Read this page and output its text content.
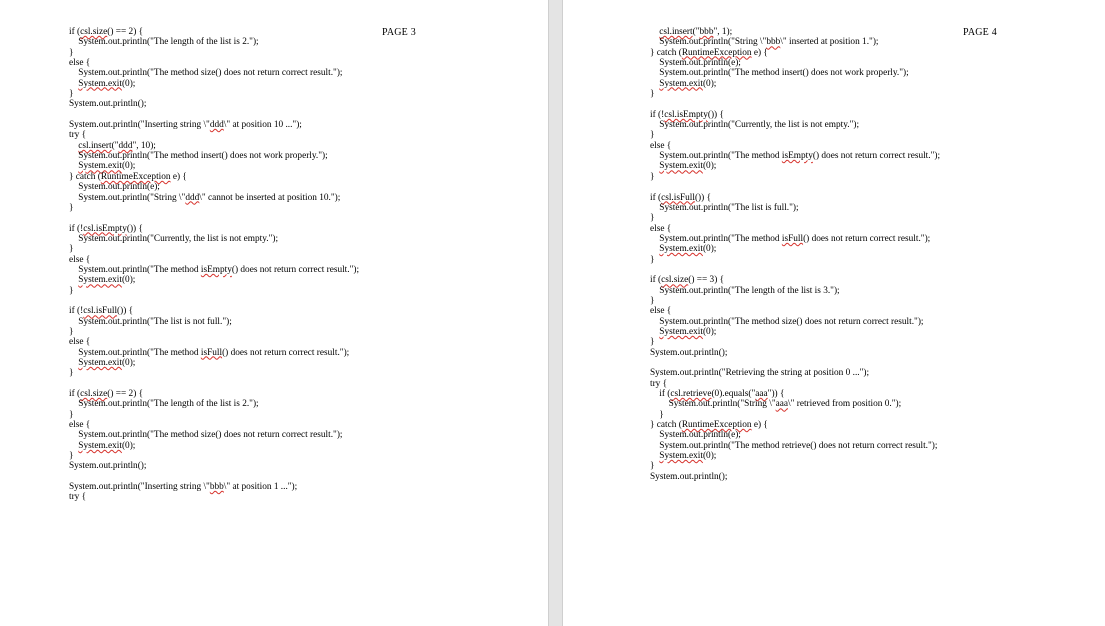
PAGE 3
if (csl.size() == 2) {
System.out.println("The length of the list is 2.");
}
else {
System.out.println("The method size() does not return correct result.");
System.exit(0);
}
System.out.println();

System.out.println("Inserting string \"ddd\" at position 10 ...");
try {
csl.insert("ddd", 10);
System.out.println("The method insert() does not work properly.");
System.exit(0);
} catch (RuntimeException e) {
System.out.println(e);
System.out.println("String \"ddd\" cannot be inserted at position 10.");
}

if (!csl.isEmpty()) {
System.out.println("Currently, the list is not empty.");
}
else {
System.out.println("The method isEmpty() does not return correct result.");
System.exit(0);
}

if (!csl.isFull()) {
System.out.println("The list is not full.");
}
else {
System.out.println("The method isFull() does not return correct result.");
System.exit(0);
}

if (csl.size() == 2) {
System.out.println("The length of the list is 2.");
}
else {
System.out.println("The method size() does not return correct result.");
System.exit(0);
}
System.out.println();

System.out.println("Inserting string \"bbb\" at position 1 ...");
try {
PAGE 4
csl.insert("bbb", 1);
System.out.println("String \"bbb\" inserted at position 1.");
} catch (RuntimeException e) {
System.out.println(e);
System.out.println("The method insert() does not work properly.");
System.exit(0);
}

if (!csl.isEmpty()) {
System.out.println("Currently, the list is not empty.");
}
else {
System.out.println("The method isEmpty() does not return correct result.");
System.exit(0);
}

if (csl.isFull()) {
System.out.println("The list is full.");
}
else {
System.out.println("The method isFull() does not return correct result.");
System.exit(0);
}

if (csl.size() == 3) {
System.out.println("The length of the list is 3.");
}
else {
System.out.println("The method size() does not return correct result.");
System.exit(0);
}
System.out.println();

System.out.println("Retrieving the string at position 0 ...");
try {
if (csl.retrieve(0).equals("aaa")) {
System.out.println("String \"aaa\" retrieved from position 0.");
}
} catch (RuntimeException e) {
System.out.println(e);
System.out.println("The method retrieve() does not return correct result.");
System.exit(0);
}
System.out.println();
